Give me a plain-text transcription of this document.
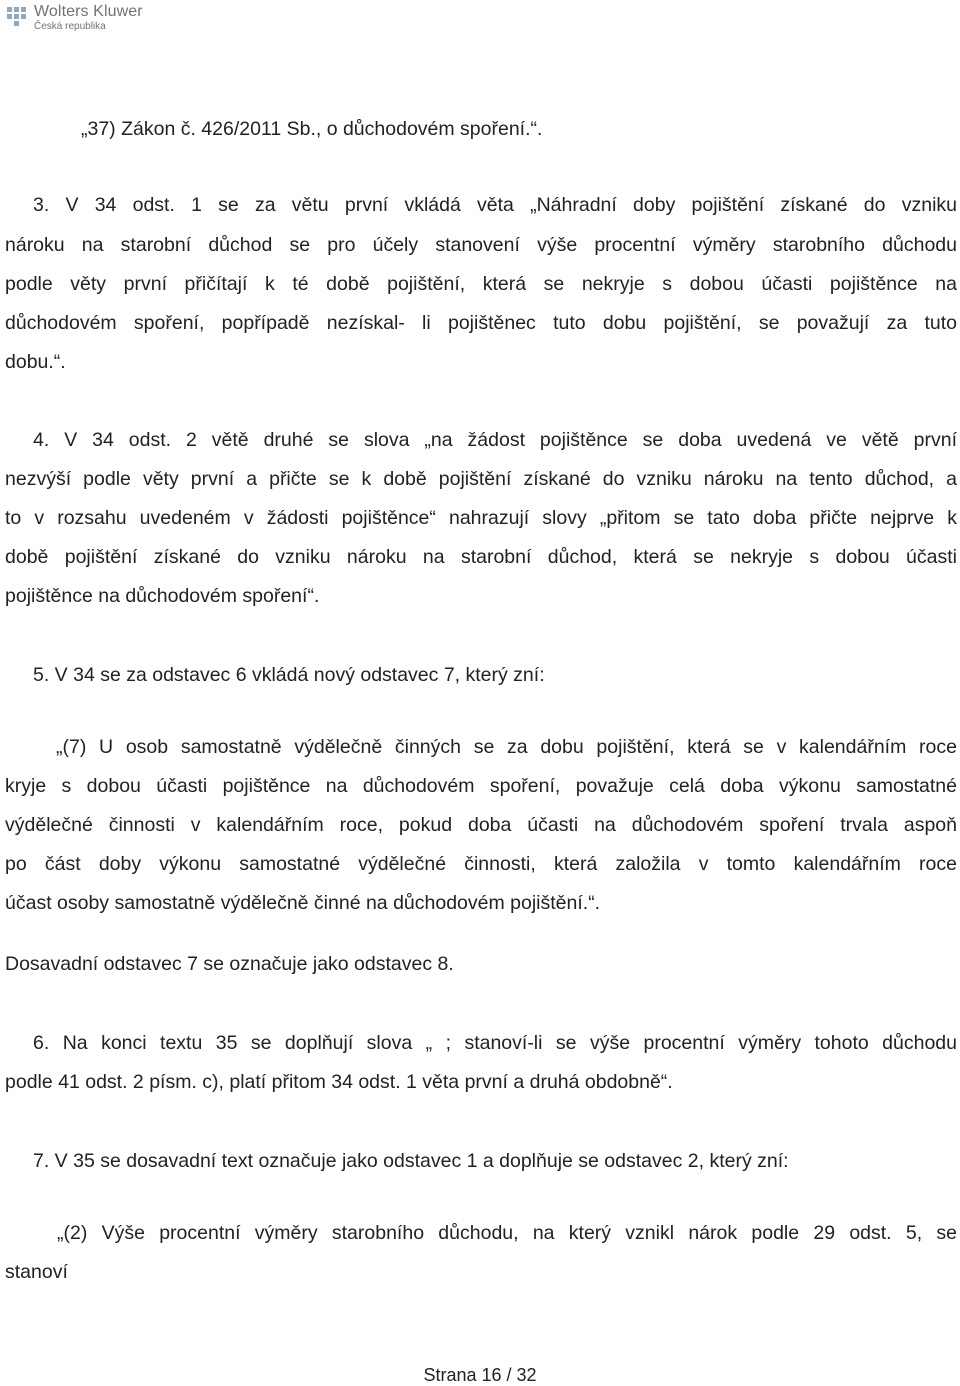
Wolters Kluwer
Česká republika
„37) Zákon č. 426/2011 Sb., o důchodovém spoření.“.
3. V 34 odst. 1 se za větu první vkládá věta „Náhradní doby pojištění získané do vzniku
nároku na starobní důchod se pro účely stanovení výše procentní výměry starobního důchodu
podle věty první přičítají k té době pojištění, která se nekryje s dobou účasti pojištěnce na
důchodovém spoření, popřípadě nezískal- li pojištěnec tuto dobu pojištění, se považují za tuto
dobu.“.
4. V 34 odst. 2 větě druhé se slova „na žádost pojištěnce se doba uvedená ve větě první
nezvýší podle věty první a přičte se k době pojištění získané do vzniku nároku na tento důchod, a
to v rozsahu uvedeném v žádosti pojištěnce“ nahrazují slovy „přitom se tato doba přičte nejprve k
době pojištění získané do vzniku nároku na starobní důchod, která se nekryje s dobou účasti
pojištěnce na důchodovém spoření“.
5. V 34 se za odstavec 6 vkládá nový odstavec 7, který zní:
„(7) U osob samostatně výdělečně činných se za dobu pojištění, která se v kalendářním roce
kryje s dobou účasti pojištěnce na důchodovém spoření, považuje celá doba výkonu samostatné
výdělečné činnosti v kalendářním roce, pokud doba účasti na důchodovém spoření trvala aspoň
po část doby výkonu samostatné výdělečné činnosti, která založila v tomto kalendářním roce
účast osoby samostatně výdělečně činné na důchodovém pojištění.“.
Dosavadní odstavec 7 se označuje jako odstavec 8.
6. Na konci textu 35 se doplňují slova „ ; stanoví-li se výše procentní výměry tohoto důchodu
podle 41 odst. 2 písm. c), platí přitom 34 odst. 1 věta první a druhá obdobně“.
7. V 35 se dosavadní text označuje jako odstavec 1 a doplňuje se odstavec 2, který zní:
„(2) Výše procentní výměry starobního důchodu, na který vznikl nárok podle 29 odst. 5, se
stanoví
Strana 16 / 32
